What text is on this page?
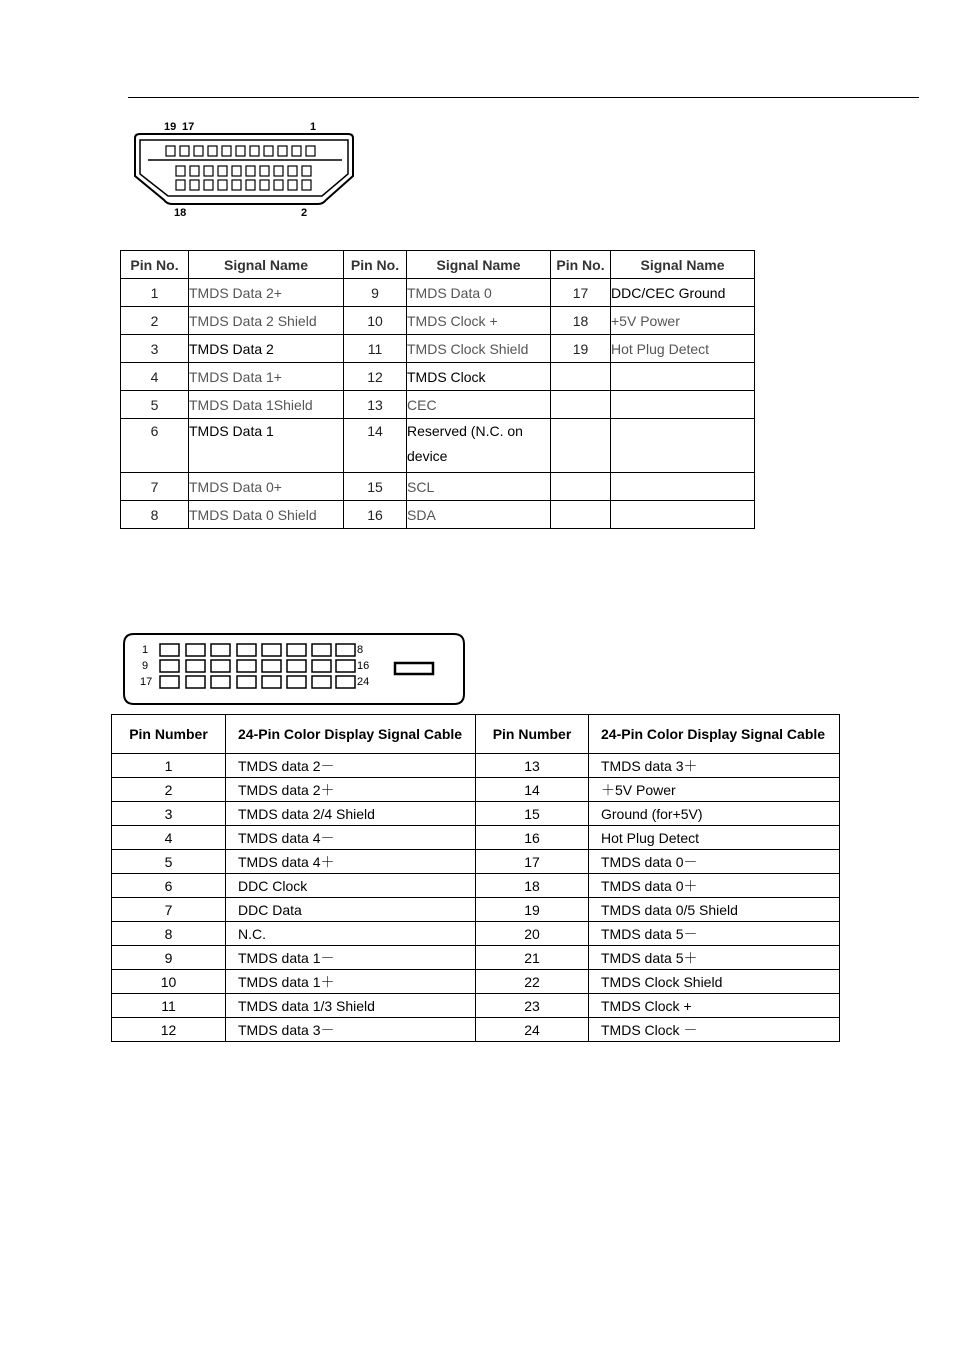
19 17	1
18	2
Pin No.	Signal Name	Pin No.	Signal Name	Pin No.	Signal Name
1	TMDS Data 2+	9	TMDS Data 0	17	DDC/CEC Ground
2	TMDS Data 2 Shield	10	TMDS Clock +	18	+5V Power
3	TMDS Data 2	11	TMDS Clock Shield	19	Hot Plug Detect
4	TMDS Data 1+	12	TMDS Clock		
5	TMDS Data 1Shield	13	CEC		
6	TMDS Data 1	14	Reserved (N.C. on device		
7	TMDS Data 0+	15	SCL		
8	TMDS Data 0 Shield	16	SDA		
1
9
17
8
16
24
Pin Number	24-Pin Color Display Signal Cable	Pin Number	24-Pin Color Display Signal Cable
1	TMDS data 2－	13	TMDS data 3＋
2	TMDS data 2＋	14	＋5V Power
3	TMDS data 2/4 Shield	15	Ground (for+5V)
4	TMDS data 4－	16	Hot Plug Detect
5	TMDS data 4＋	17	TMDS data 0－
6	DDC Clock	18	TMDS data 0＋
7	DDC Data	19	TMDS data 0/5 Shield
8	N.C.	20	TMDS data 5－
9	TMDS data 1－	21	TMDS data 5＋
10	TMDS data 1＋	22	TMDS Clock Shield
11	TMDS data 1/3 Shield	23	TMDS Clock +
12	TMDS data 3－	24	TMDS Clock －
